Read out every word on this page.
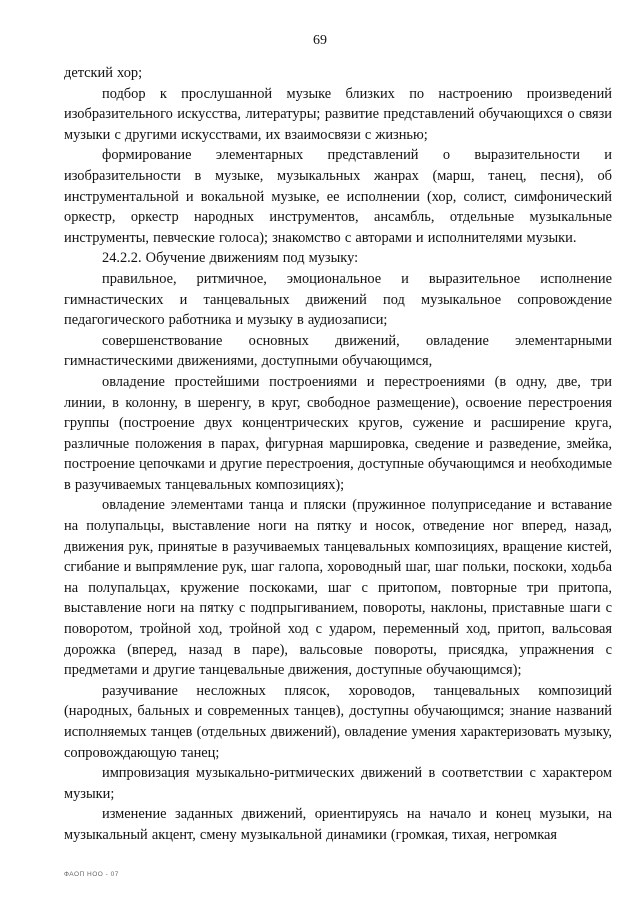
69

детский хор;

подбор к прослушанной музыке близких по настроению произведений изобразительного искусства, литературы; развитие представлений обучающихся о связи музыки с другими искусствами, их взаимосвязи с жизнью;

формирование элементарных представлений о выразительности и изобразительности в музыке, музыкальных жанрах (марш, танец, песня), об инструментальной и вокальной музыке, ее исполнении (хор, солист, симфонический оркестр, оркестр народных инструментов, ансамбль, отдельные музыкальные инструменты, певческие голоса); знакомство с авторами и исполнителями музыки.

24.2.2. Обучение движениям под музыку:

правильное, ритмичное, эмоциональное и выразительное исполнение гимнастических и танцевальных движений под музыкальное сопровождение педагогического работника и музыку в аудиозаписи;

совершенствование основных движений, овладение элементарными гимнастическими движениями, доступными обучающимся,

овладение простейшими построениями и перестроениями (в одну, две, три линии, в колонну, в шеренгу, в круг, свободное размещение), освоение перестроения группы (построение двух концентрических кругов, сужение и расширение круга, различные положения в парах, фигурная маршировка, сведение и разведение, змейка, построение цепочками и другие перестроения, доступные обучающимся и необходимые в разучиваемых танцевальных композициях);

овладение элементами танца и пляски (пружинное полуприседание и вставание на полупальцы, выставление ноги на пятку и носок, отведение ног вперед, назад, движения рук, принятые в разучиваемых танцевальных композициях, вращение кистей, сгибание и выпрямление рук, шаг галопа, хороводный шаг, шаг польки, поскоки, ходьба на полупальцах, кружение поскоками, шаг с притопом, повторные три притопа, выставление ноги на пятку с подпрыгиванием, повороты, наклоны, приставные шаги с поворотом, тройной ход, тройной ход с ударом, переменный ход, притоп, вальсовая дорожка (вперед, назад в паре), вальсовые повороты, присядка, упражнения с предметами и другие танцевальные движения, доступные обучающимся);

разучивание несложных плясок, хороводов, танцевальных композиций (народных, бальных и современных танцев), доступны обучающимся; знание названий исполняемых танцев (отдельных движений), овладение умения характеризовать музыку, сопровождающую танец;

импровизация музыкально-ритмических движений в соответствии с характером музыки;

изменение заданных движений, ориентируясь на начало и конец музыки, на музыкальный акцент, смену музыкальной динамики (громкая, тихая, негромкая

ФАОП НОО - 07
